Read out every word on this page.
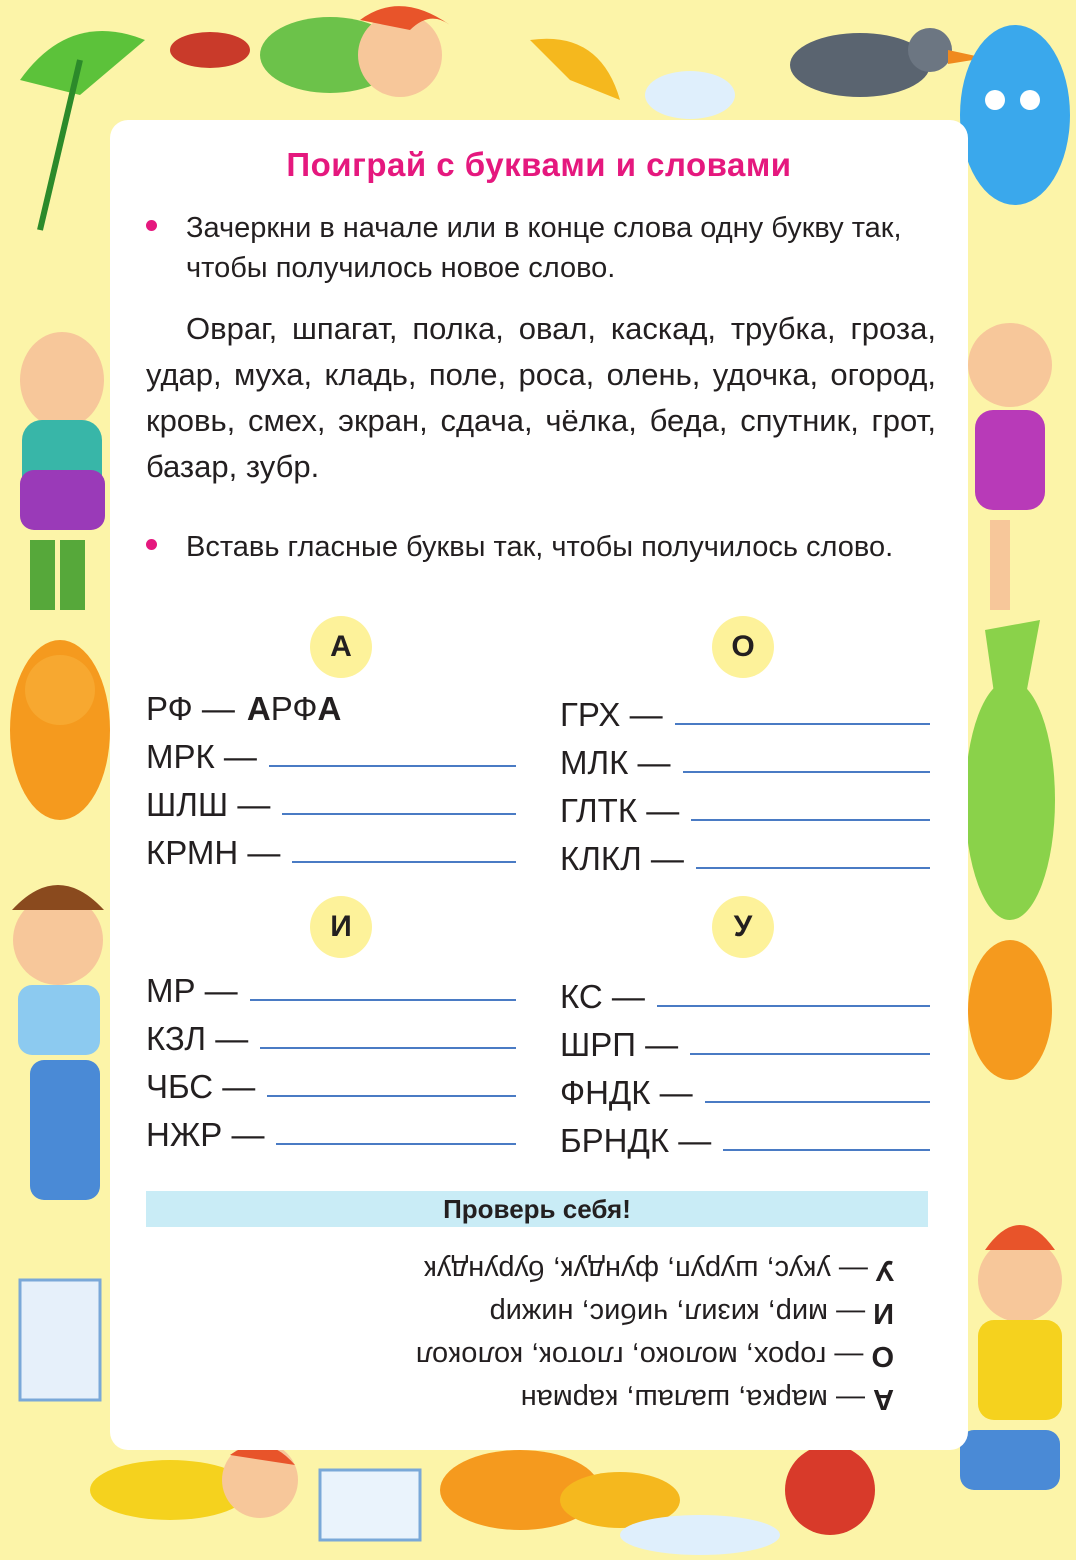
Поиграй с буквами и словами
Зачеркни в начале или в конце слова одну букву так, чтобы получилось новое слово.
Овраг, шпагат, полка, овал, каскад, трубка, гроза, удар, муха, кладь, поле, роса, олень, удочка, огород, кровь, смех, экран, сдача, чёлка, беда, спутник, грот, базар, зубр.
Вставь гласные буквы так, чтобы получилось слово.
А
РФ — АРФА
МРК —
ШЛШ —
КРМН —
О
ГРХ —
МЛК —
ГЛТК —
КЛКЛ —
И
МР —
КЗЛ —
ЧБС —
НЖР —
У
КС —
ШРП —
ФНДК —
БРНДК —
Проверь себя!
А — марка, шалаш, карман
О — горох, молоко, глоток, колокол
И — мир, кизил, чибис, нижир
У — укус, шуруп, фундук, бурундук
